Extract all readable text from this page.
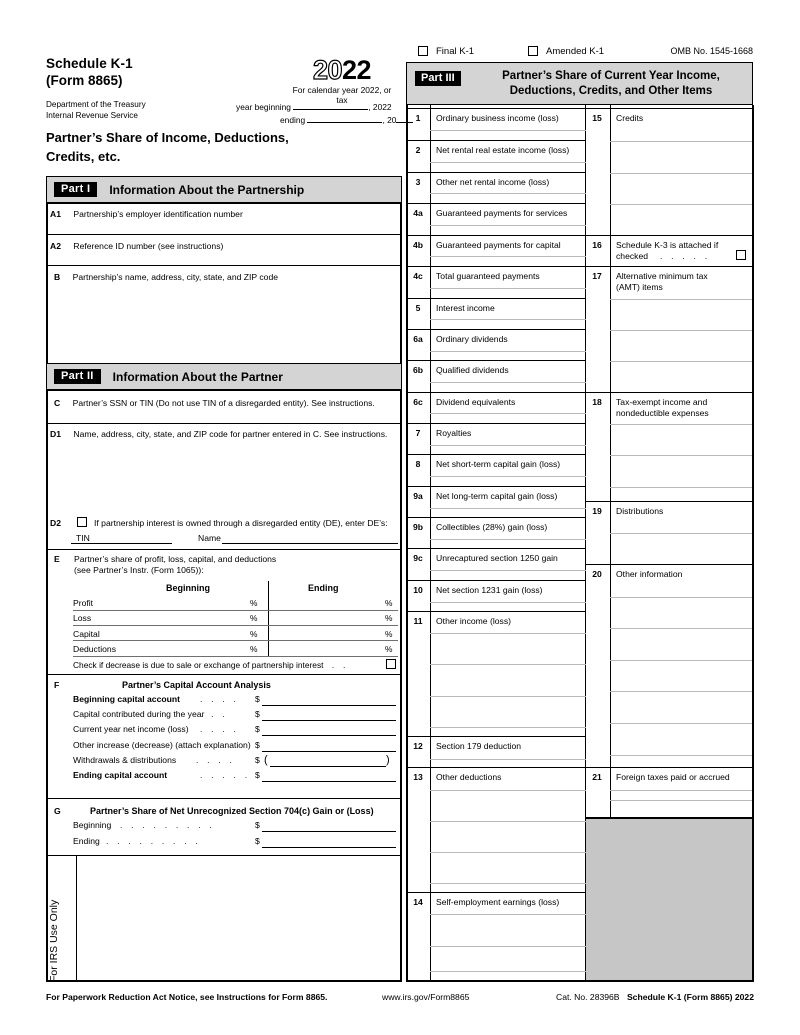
Final K-1	Amended K-1	OMB No. 1545-1668
Schedule K-1
(Form 8865)
Department of the Treasury
Internal Revenue Service
Partner’s Share of Income, Deductions,
Credits, etc.
2022
For calendar year 2022, or tax
year beginning	, 2022
ending	, 20
Part I	Information About the Partnership
A1 Partnership’s employer identification number
A2 Reference ID number (see instructions)
B Partnership’s name, address, city, state, and ZIP code
Part II	Information About the Partner
C Partner’s SSN or TIN (Do not use TIN of a disregarded entity). See instructions.
D1 Name, address, city, state, and ZIP code for partner entered in C. See instructions.
D2	If partnership interest is owned through a disregarded entity (DE), enter DE’s:
TIN	Name
E Partner’s share of profit, loss, capital, and deductions
(see Partner’s Instr. (Form 1065)):
Beginning	Ending
Profit	%	%
Loss	%	%
Capital	%	%
Deductions	%	%
Check if decrease is due to sale or exchange of partnership interest . .
F	Partner’s Capital Account Analysis
Beginning capital account . . . . $
Capital contributed during the year
. . .	$
Current year net income (loss) . . . . $
Other increase (decrease) (attach explanation) $
Withdrawals & distributions . . . . $ (	)
Ending capital account	. . . . . $
G	Partner’s Share of Net Unrecognized Section 704(c) Gain or (Loss)
Beginning . . . . . . . . .	$
Ending . . . . . . . . .	$
For IRS Use Only
Part III	Partner’s Share of Current Year Income,
Deductions, Credits, and Other Items
1	Ordinary business income (loss)
2	Net rental real estate income (loss)
3	Other net rental income (loss)
4a	Guaranteed payments for services
4b	Guaranteed payments for capital
4c	Total guaranteed payments
5	Interest income
6a	Ordinary dividends
6b	Qualified dividends
6c	Dividend equivalents
7	Royalties
8	Net short-term capital gain (loss)
9a	Net long-term capital gain (loss)
9b	Collectibles (28%) gain (loss)
9c	Unrecaptured section 1250 gain
10	Net section 1231 gain (loss)
11	Other income (loss)
12	Section 179 deduction
13	Other deductions
14	Self-employment earnings (loss)
15	Credits
16	Schedule K-3 is attached if
checked	. . . . .
17	Alternative minimum tax
(AMT) items
18	Tax-exempt income and
nondeductible expenses
19	Distributions
20	Other information
21	Foreign taxes paid or accrued
For Paperwork Reduction Act Notice, see Instructions for Form 8865.	www.irs.gov/Form8865	Cat. No. 28396B Schedule K-1 (Form 8865) 2022
